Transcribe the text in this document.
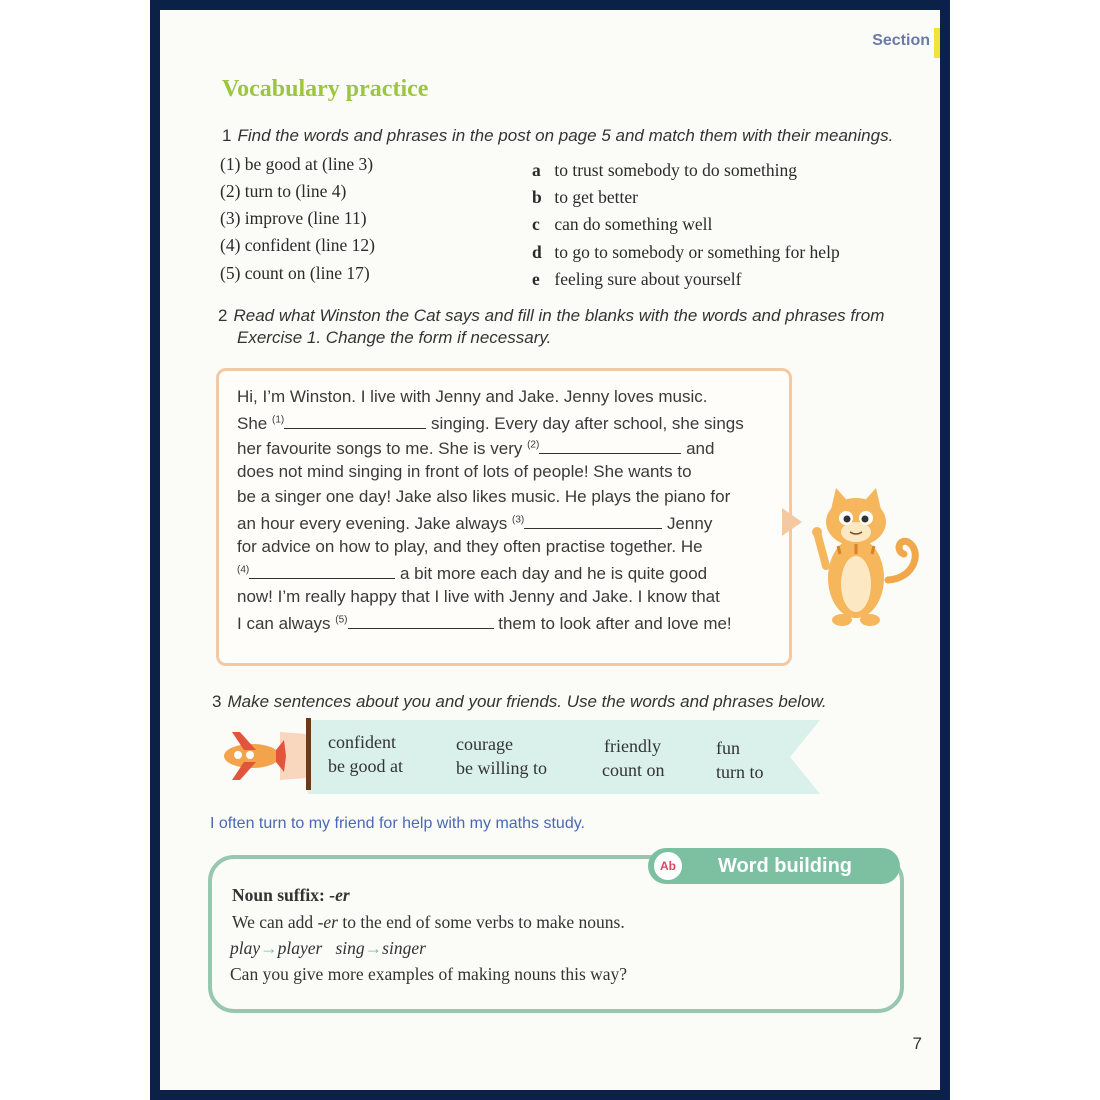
Section
Vocabulary practice
1 Find the words and phrases in the post on page 5 and match them with their meanings.
(1) be good at (line 3)
(2) turn to (line 4)
(3) improve (line 11)
(4) confident (line 12)
(5) count on (line 17)
a to trust somebody to do something
b to get better
c can do something well
d to go to somebody or something for help
e feeling sure about yourself
2 Read what Winston the Cat says and fill in the blanks with the words and phrases from
Exercise 1. Change the form if necessary.
Hi, I’m Winston. I live with Jenny and Jake. Jenny loves music.
She $^{(1)}$	singing. Every day after school, she sings
her favourite songs to me. She is very $^{(2)}$	and
does not mind singing in front of lots of people! She wants to
be a singer one day! Jake also likes music. He plays the piano for
an hour every evening. Jake always $^{(3)}$	Jenny
for advice on how to play, and they often practise together. He
$^{(4)}$	a bit more each day and he is quite good
now! I’m really happy that I live with Jenny and Jake. I know that
I can always $^{(5)}$	them to look after and love me!
3 Make sentences about you and your friends. Use the words and phrases below.
confident	courage	friendly	fun
be good at	be willing to	count on	turn to
I often turn to my friend for help with my maths study.
Noun suffix: -er
We can add -er to the end of some verbs to make nouns.
play→player sing→singer
Can you give more examples of making nouns this way?
Word building
Ab
7
